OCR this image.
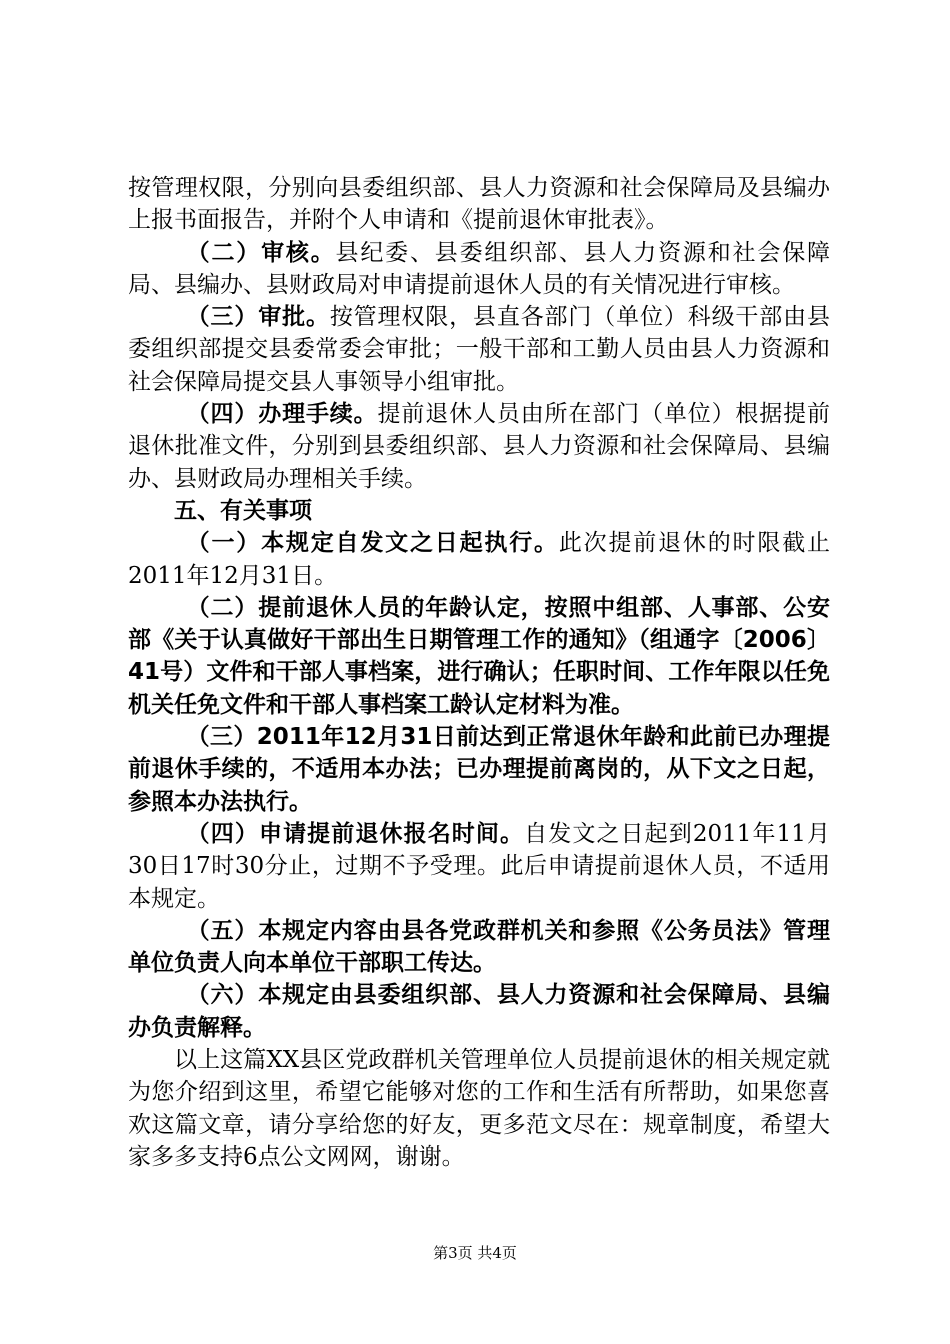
按管理权限，分别向县委组织部、县人力资源和社会保障局及县编办上报书面报告，并附个人申请和《提前退休审批表》。

（二）审核。县纪委、县委组织部、县人力资源和社会保障局、县编办、县财政局对申请提前退休人员的有关情况进行审核。

（三）审批。按管理权限，县直各部门（单位）科级干部由县委组织部提交县委常委会审批；一般干部和工勤人员由县人力资源和社会保障局提交县人事领导小组审批。

（四）办理手续。提前退休人员由所在部门（单位）根据提前退休批准文件，分别到县委组织部、县人力资源和社会保障局、县编办、县财政局办理相关手续。

五、有关事项

（一）本规定自发文之日起执行。此次提前退休的时限截止2011年12月31日。

（二）提前退休人员的年龄认定，按照中组部、人事部、公安部《关于认真做好干部出生日期管理工作的通知》（组通字〔2006〕41号）文件和干部人事档案，进行确认；任职时间、工作年限以任免机关任免文件和干部人事档案工龄认定材料为准。

（三）2011年12月31日前达到正常退休年龄和此前已办理提前退休手续的，不适用本办法；已办理提前离岗的，从下文之日起，参照本办法执行。

（四）申请提前退休报名时间。自发文之日起到2011年11月30日17时30分止，过期不予受理。此后申请提前退休人员，不适用本规定。

（五）本规定内容由县各党政群机关和参照《公务员法》管理单位负责人向本单位干部职工传达。

（六）本规定由县委组织部、县人力资源和社会保障局、县编办负责解释。

以上这篇XX县区党政群机关管理单位人员提前退休的相关规定就为您介绍到这里，希望它能够对您的工作和生活有所帮助，如果您喜欢这篇文章，请分享给您的好友，更多范文尽在：规章制度，希望大家多多支持6点公文网网，谢谢。

第3页 共4页
